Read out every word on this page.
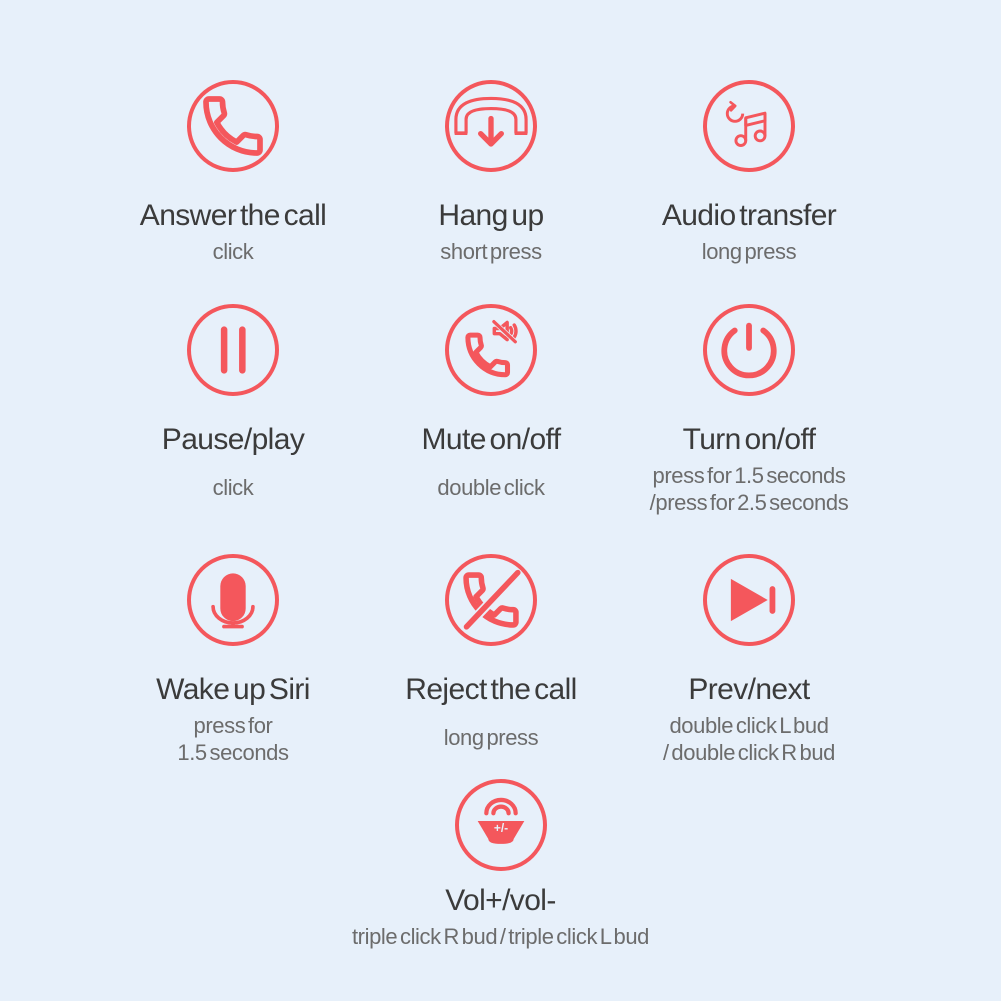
Answer the call
click
Hang up
short press
Audio transfer
long press
Pause/play
click
Mute on/off
double click
Turn on/off
press for 1.5 seconds
/press for 2.5 seconds
Wake up Siri
press for
1.5 seconds
Reject the call
long press
Prev/next
double click L bud
/ double click R bud
+/-
Vol+/vol-
triple click R bud / triple click L bud
